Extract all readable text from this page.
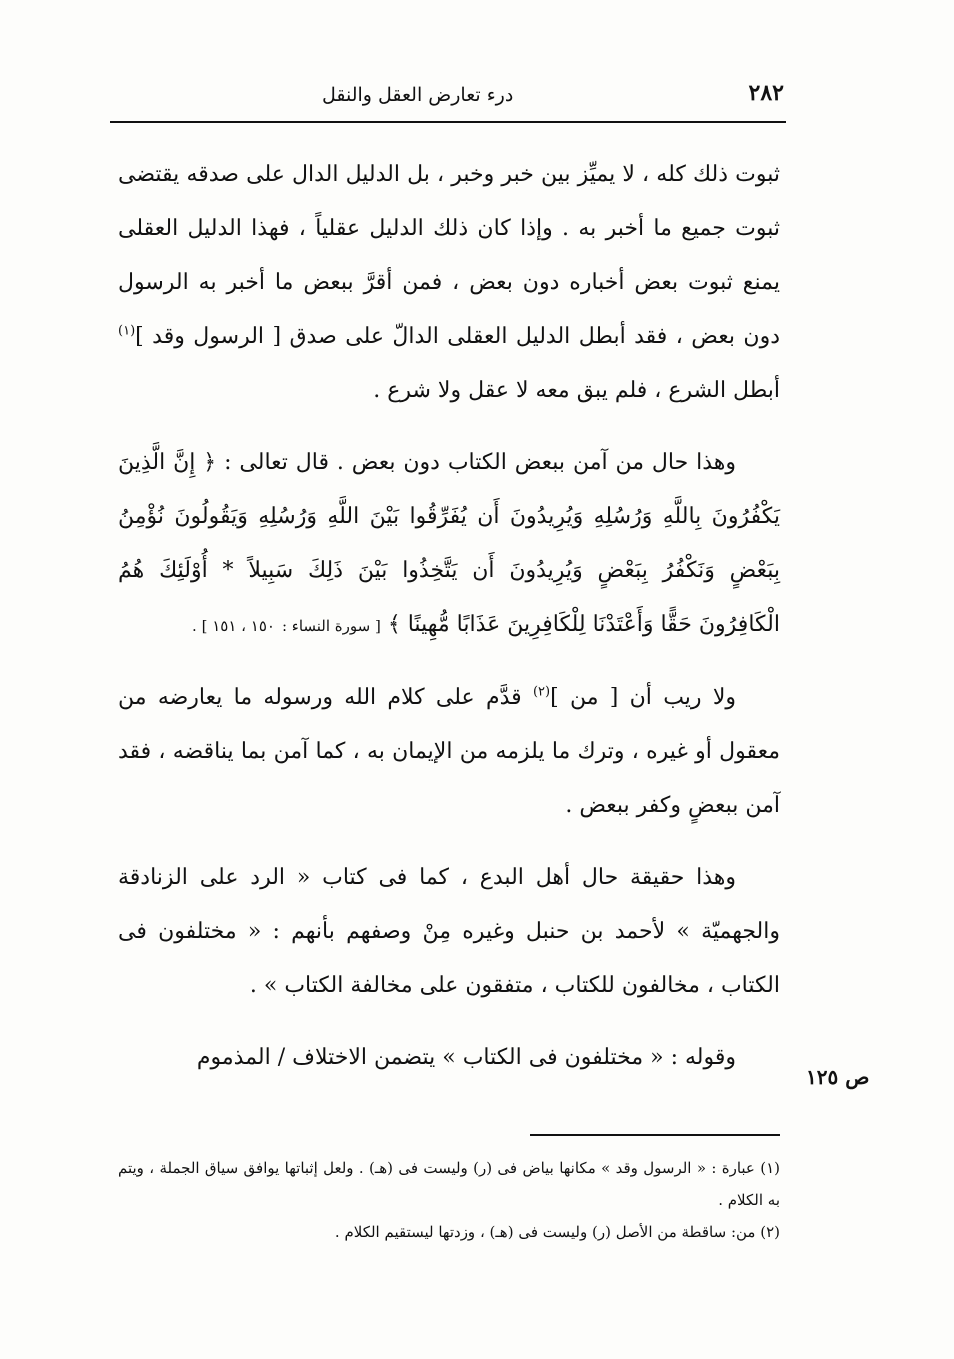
٢٨٢
درء تعارض العقل والنقل

ثبوت ذلك كله ، لا يميِّز بين خبر وخبر ، بل الدليل الدال على صدقه يقتضى ثبوت جميع ما أخبر به . وإذا كان ذلك الدليل عقلياً ، فهذا الدليل العقلى يمنع ثبوت بعض أخباره دون بعض ، فمن أقرَّ ببعض ما أخبر به الرسول دون بعض ، فقد أبطل الدليل العقلى الدالّ على صدق [ الرسول وقد ]$^{(١)}$ أبطل الشرع ، فلم يبق معه لا عقل ولا شرع .

وهذا حال من آمن ببعض الكتاب دون بعض . قال تعالى : ﴿ إِنَّ الَّذِينَ يَكْفُرُونَ بِاللَّهِ وَرُسُلِهِ وَيُرِيدُونَ أَن يُفَرِّقُوا بَيْنَ اللَّهِ وَرُسُلِهِ وَيَقُولُونَ نُؤْمِنُ بِبَعْضٍ وَنَكْفُرُ بِبَعْضٍ وَيُرِيدُونَ أَن يَتَّخِذُوا بَيْنَ ذَلِكَ سَبِيلاً * أُوْلَئِكَ هُمُ الْكَافِرُونَ حَقًّا وَأَعْتَدْنَا لِلْكَافِرِينَ عَذَابًا مُّهِينًا ﴾ [ سورة النساء : ١٥٠ ، ١٥١ ] .

ولا ريب أن [ من ]$^{(٢)}$ قدَّم على كلام الله ورسوله ما يعارضه من معقول أو غيره ، وترك ما يلزمه من الإيمان به ، كما آمن بما يناقضه ، فقد آمن ببعضٍ وكفر ببعض .

وهذا حقيقة حال أهل البدع ، كما فى كتاب « الرد على الزنادقة والجهميّة » لأحمد بن حنبل وغيره مِنْ وصفهم بأنهم : « مختلفون فى الكتاب ، مخالفون للكتاب ، متفقون على مخالفة الكتاب » .

وقوله : « مختلفون فى الكتاب » يتضمن الاختلاف / المذموم

ص ١٢٥

(١) عبارة : « الرسول وقد » مكانها بياض فى (ر) وليست فى (هـ) . ولعل إثباتها يوافق سياق الجملة ، ويتم به الكلام .

(٢) من: ساقطة من الأصل (ر) وليست فى (هـ) ، وزدتها ليستقيم الكلام .
